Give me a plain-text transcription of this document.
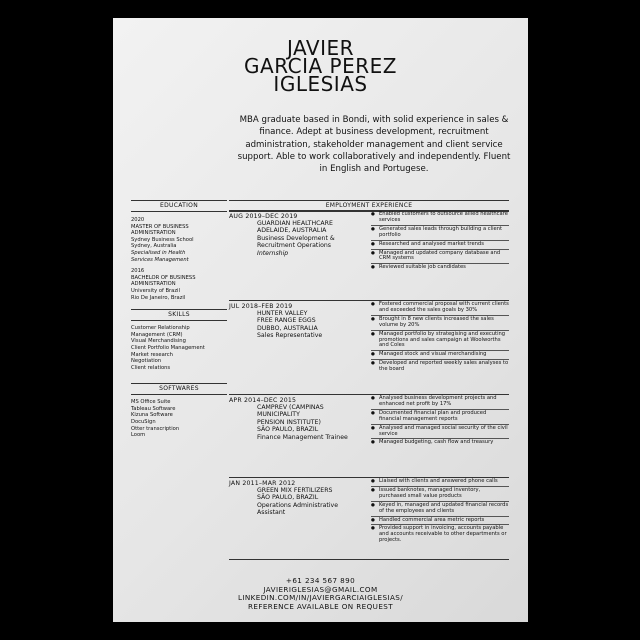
JAVIER
GARCIA PEREZ
IGLESIAS
MBA graduate based in Bondi, with solid experience in sales & finance. Adept at business development, recruitment administration, stakeholder management and client service support. Able to work collaboratively and independently. Fluent in English and Portugese.
EDUCATION
2020
MASTER OF BUSINESS
ADMINISTRATION
Sydney Business School
Sydney, Australia
Specialised in Health
Services Management
2016
BACHELOR OF BUSINESS
ADMINISTRATION
University of Brazil
Rio De Janeiro, Brazil
SKILLS
Customer Relationship
Management (CRM)
Visual Merchandising
Client Portfolio Management
Market research
Negotiation
Client relations
SOFTWARES
MS Office Suite
Tableau Software
Kizuna Software
DocuSign
Otter transcription
Loom
EMPLOYMENT EXPERIENCE
AUG 2019–DEC 2019
GUARDIAN HEALTHCARE
ADELAIDE, AUSTRALIA
Business Development &
Recruitment Operations
Internship
● Enabled customers to outsource allied healthcare services
● Generated sales leads through building a client portfolio
● Researched and analysed market trends
● Managed and updated company database and CRM systems
● Reviewed suitable job candidates
JUL 2018–FEB 2019
HUNTER VALLEY
FREE RANGE EGGS
DUBBO, AUSTRALIA
Sales Representative
● Fostered commercial proposal with current clients and exceeded the sales goals by 30%
● Brought in 8 new clients increased the sales volume by 20%
● Managed portfolio by strategising and executing promotions and sales campaign at Woolworths and Coles
● Managed stock and visual merchandising
● Developed and reported weekly sales analyses to the board
APR 2014–DEC 2015
CAMPREV (CAMPINAS
MUNICIPALITY
PENSION INSTITUTE)
SÃO PAULO, BRAZIL
Finance Management Trainee
● Analysed business development projects and enhanced net profit by 17%
● Documented financial plan and produced financial management reports
● Analysed and managed social security of the civil service
● Managed budgeting, cash flow and treasury
JAN 2011–MAR 2012
GREEN MIX FERTILIZERS
SÃO PAULO, BRAZIL
Operations Administrative
Assistant
● Liaised with clients and answered phone calls
● Issued banknotes, managed inventory, purchased small value products
● Keyed in, managed and updated financial records of the employees and clients
● Handled commercial area metric reports
● Provided support in invoicing, accounts payable and accounts receivable to other departments or projects.
+61 234 567 890
JAVIERIGLESIAS@GMAIL.COM
LINKEDIN.COM/IN/JAVIERGARCIAIGLESIAS/
REFERENCE AVAILABLE ON REQUEST
